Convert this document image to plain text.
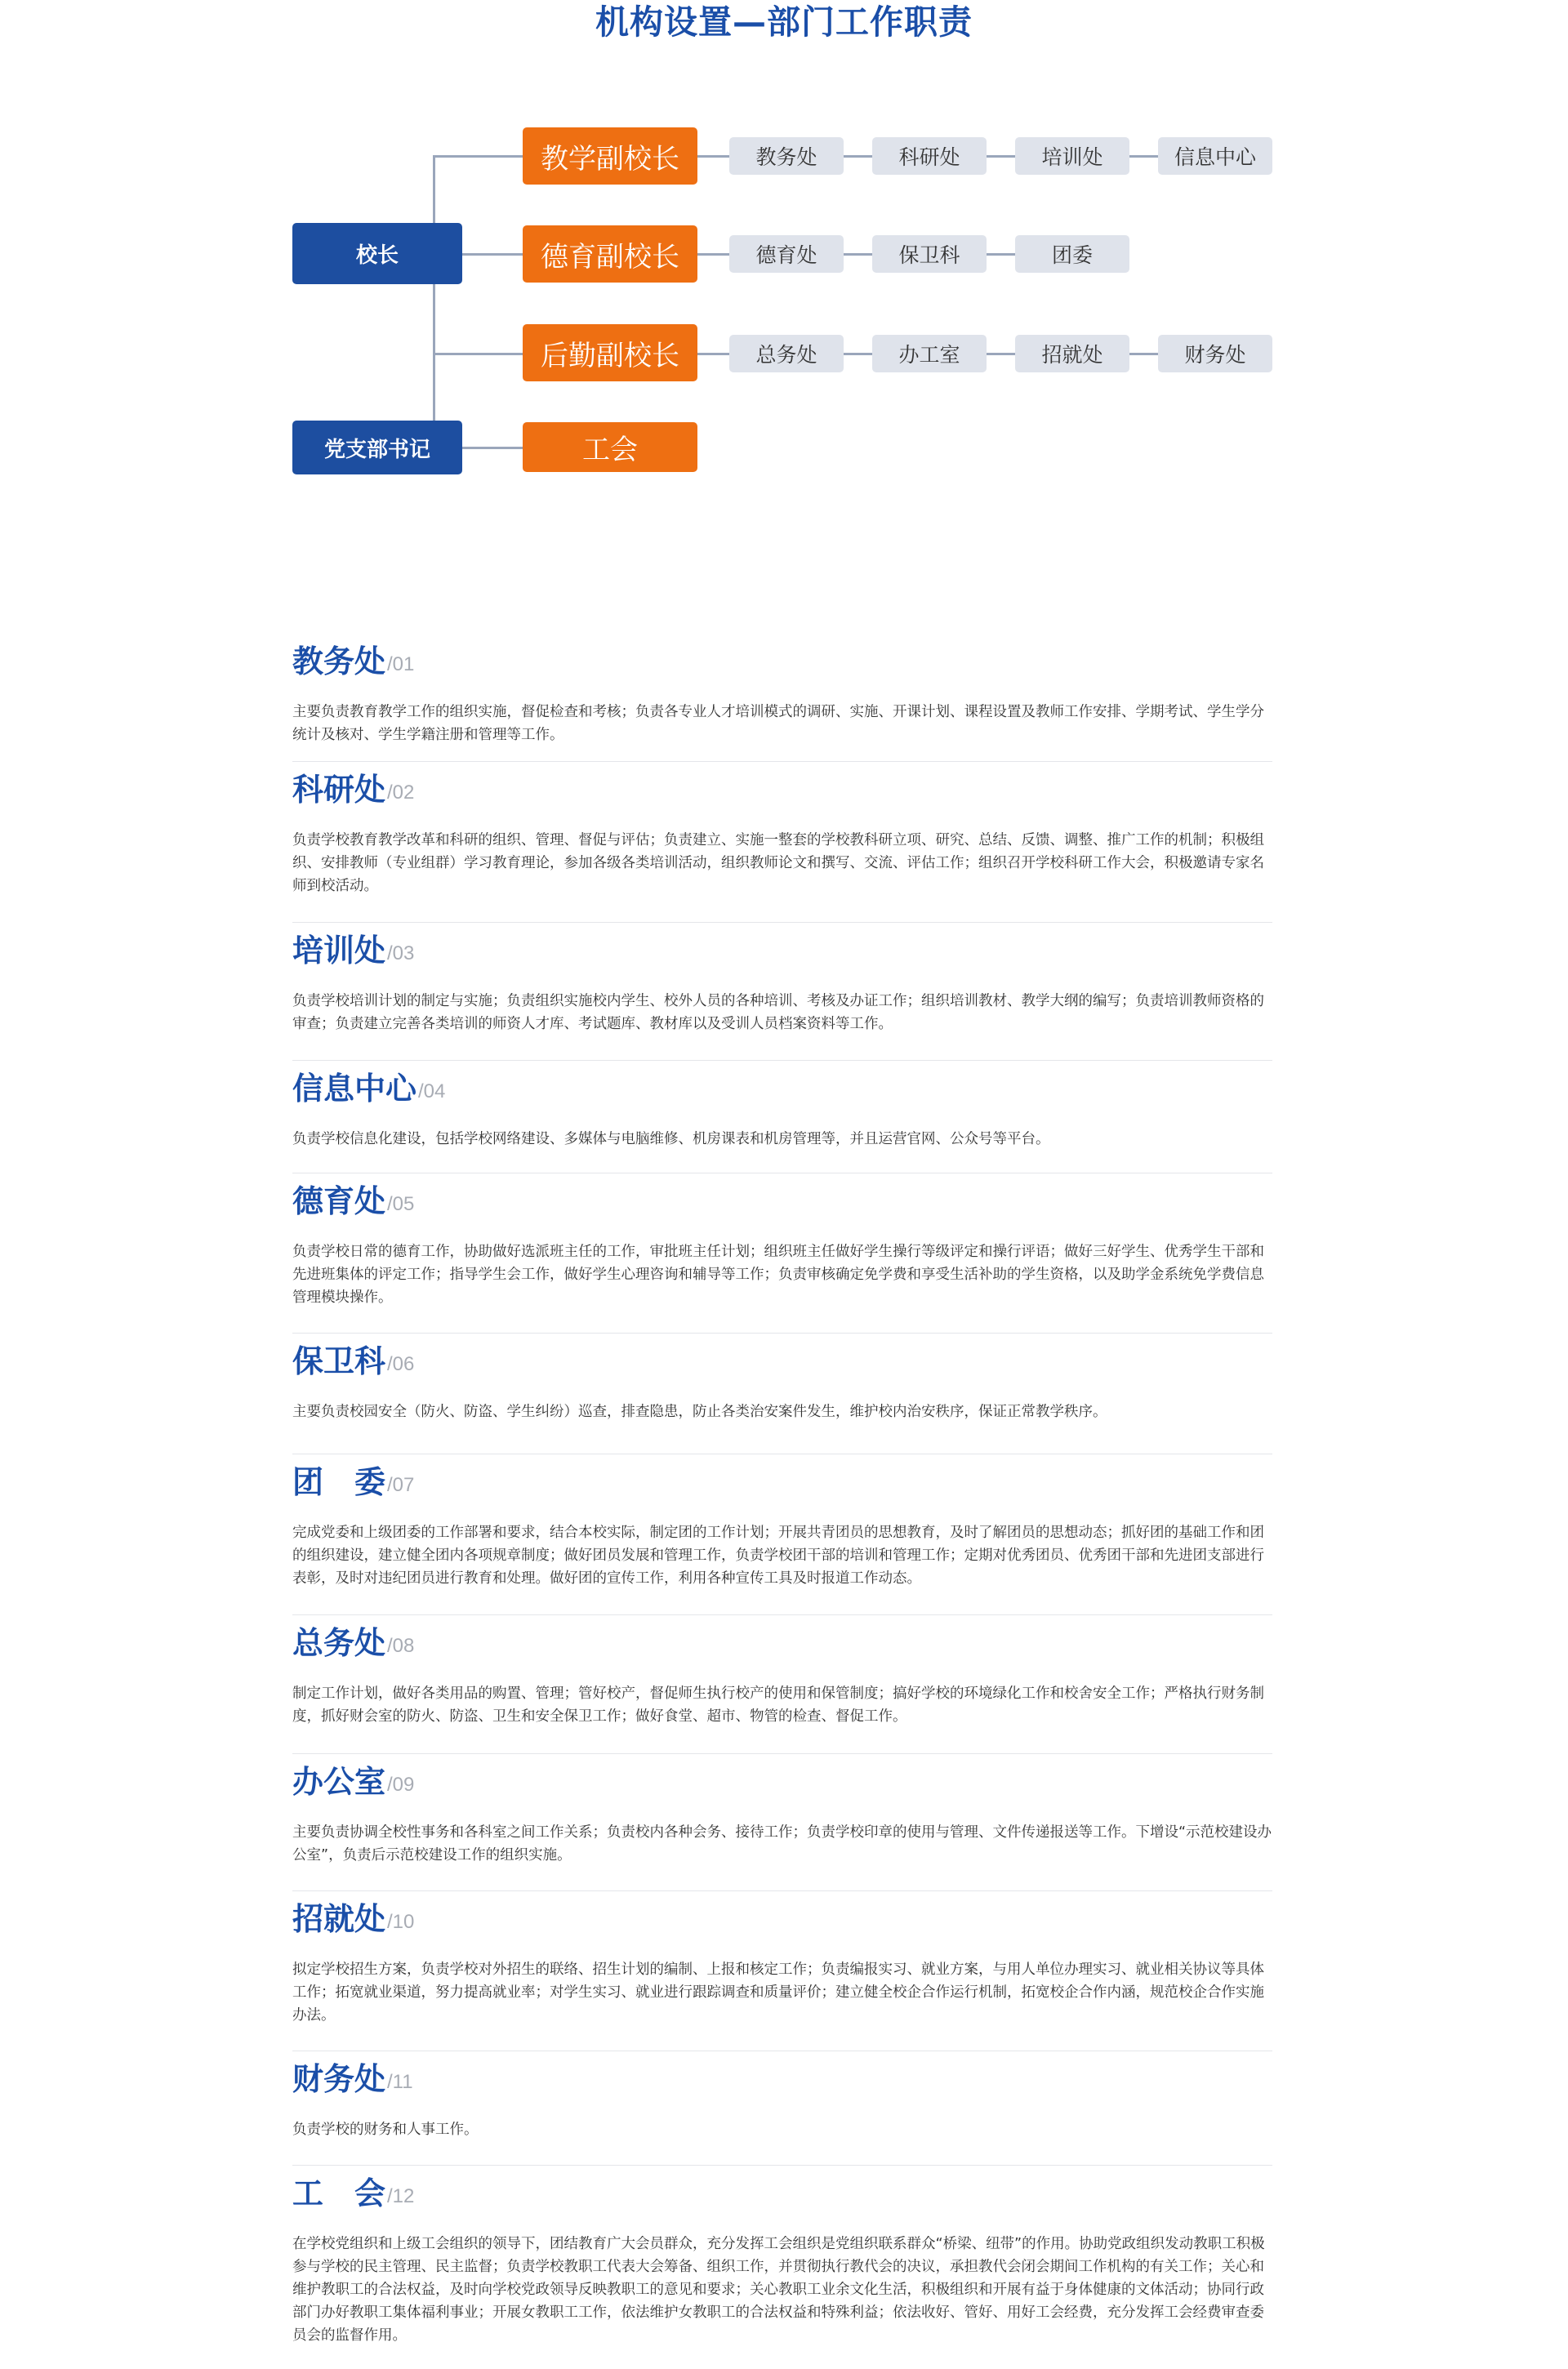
机构设置—部门工作职责
校长
党支部书记
教学副校长
德育副校长
后勤副校长
工会
教务处	科研处	培训处	信息中心
德育处	保卫科	团委
总务处	办工室	招就处	财务处
教务处 /01
主要负责教育教学工作的组织实施，督促检查和考核；负责各专业人才培训模式的调研、实施、开课计划、课程设置及教师工作安排、学期考试、学生学分统计及核对、学生学籍注册和管理等工作。
科研处 /02
负责学校教育教学改革和科研的组织、管理、督促与评估；负责建立、实施一整套的学校教科研立项、研究、总结、反馈、调整、推广工作的机制；积极组织、安排教师（专业组群）学习教育理论，参加各级各类培训活动，组织教师论文和撰写、交流、评估工作；组织召开学校科研工作大会，积极邀请专家名师到校活动。
培训处 /03
负责学校培训计划的制定与实施；负责组织实施校内学生、校外人员的各种培训、考核及办证工作；组织培训教材、教学大纲的编写；负责培训教师资格的审查；负责建立完善各类培训的师资人才库、考试题库、教材库以及受训人员档案资料等工作。
信息中心 /04
负责学校信息化建设，包括学校网络建设、多媒体与电脑维修、机房课表和机房管理等，并且运营官网、公众号等平台。
德育处 /05
负责学校日常的德育工作，协助做好选派班主任的工作，审批班主任计划；组织班主任做好学生操行等级评定和操行评语；做好三好学生、优秀学生干部和先进班集体的评定工作；指导学生会工作，做好学生心理咨询和辅导等工作；负责审核确定免学费和享受生活补助的学生资格，以及助学金系统免学费信息管理模块操作。
保卫科 /06
主要负责校园安全（防火、防盗、学生纠纷）巡查，排查隐患，防止各类治安案件发生，维护校内治安秩序，保证正常教学秩序。
团　委 /07
完成党委和上级团委的工作部署和要求，结合本校实际，制定团的工作计划；开展共青团员的思想教育，及时了解团员的思想动态；抓好团的基础工作和团的组织建设，建立健全团内各项规章制度；做好团员发展和管理工作，负责学校团干部的培训和管理工作；定期对优秀团员、优秀团干部和先进团支部进行表彰，及时对违纪团员进行教育和处理。做好团的宣传工作，利用各种宣传工具及时报道工作动态。
总务处 /08
制定工作计划，做好各类用品的购置、管理；管好校产，督促师生执行校产的使用和保管制度；搞好学校的环境绿化工作和校舍安全工作；严格执行财务制度，抓好财会室的防火、防盗、卫生和安全保卫工作；做好食堂、超市、物管的检查、督促工作。
办公室 /09
主要负责协调全校性事务和各科室之间工作关系；负责校内各种会务、接待工作；负责学校印章的使用与管理、文件传递报送等工作。下增设“示范校建设办公室”，负责后示范校建设工作的组织实施。
招就处 /10
拟定学校招生方案，负责学校对外招生的联络、招生计划的编制、上报和核定工作；负责编报实习、就业方案，与用人单位办理实习、就业相关协议等具体工作；拓宽就业渠道，努力提高就业率；对学生实习、就业进行跟踪调查和质量评价；建立健全校企合作运行机制，拓宽校企合作内涵，规范校企合作实施办法。
财务处 /11
负责学校的财务和人事工作。
工　会 /12
在学校党组织和上级工会组织的领导下，团结教育广大会员群众，充分发挥工会组织是党组织联系群众“桥梁、纽带”的作用。协助党政组织发动教职工积极参与学校的民主管理、民主监督；负责学校教职工代表大会筹备、组织工作，并贯彻执行教代会的决议，承担教代会闭会期间工作机构的有关工作；关心和维护教职工的合法权益，及时向学校党政领导反映教职工的意见和要求；关心教职工业余文化生活，积极组织和开展有益于身体健康的文体活动；协同行政部门办好教职工集体福利事业；开展女教职工工作，依法维护女教职工的合法权益和特殊利益；依法收好、管好、用好工会经费，充分发挥工会经费审查委员会的监督作用。
